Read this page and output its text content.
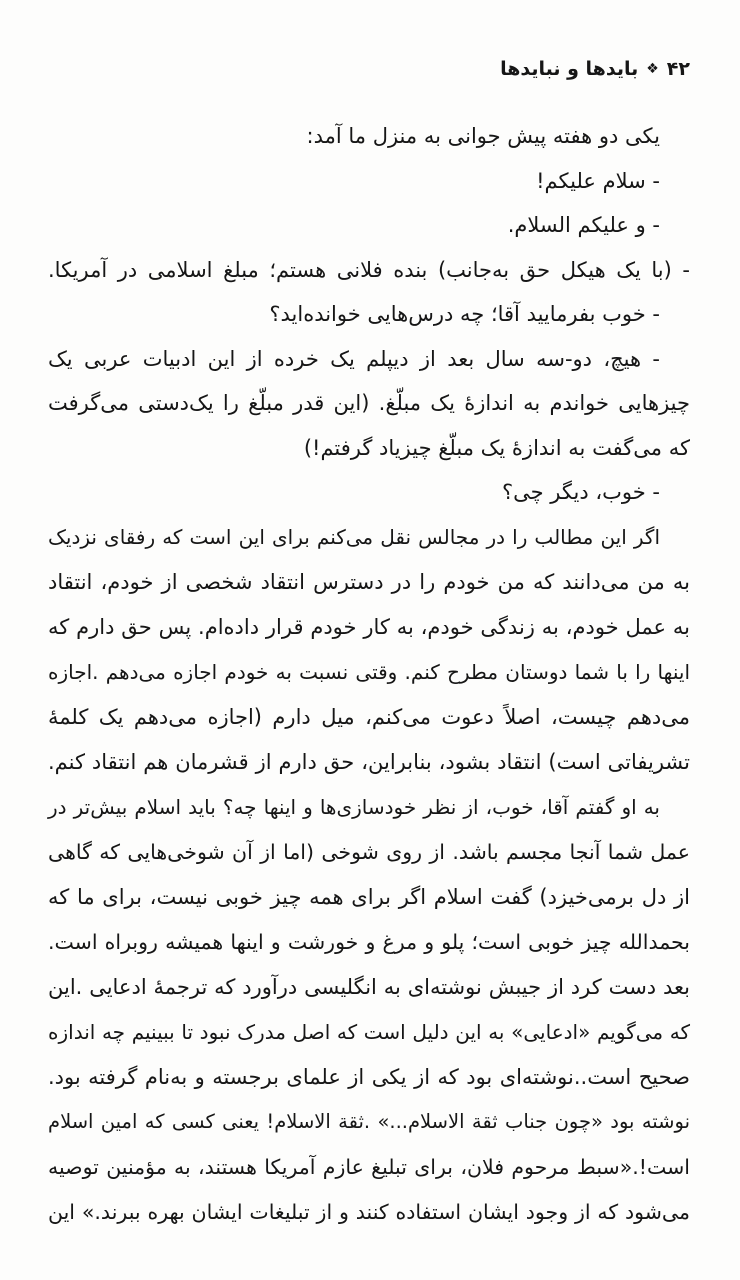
۴۲
❖
بایدها و نبایدها
یکی دو هفته پیش جوانی به منزل ما آمد:
- سلام علیکم!
- و علیکم السلام.
- (با یک هیکل حق به‌جانب) بنده فلانی هستم؛ مبلغ اسلامی در آمریکا.
- خوب بفرمایید آقا؛ چه درس‌هایی خوانده‌اید؟
- هیچ، دو-سه سال بعد از دیپلم یک خرده از این ادبیات عربی یک
چیزهایی خواندم به اندازهٔ یک مبلّغ. (این قدر مبلّغ را یک‌دستی می‌گرفت
که می‌گفت به اندازهٔ یک مبلّغ چیزیاد گرفتم!)
- خوب، دیگر چی؟
اگر این مطالب را در مجالس نقل می‌کنم برای این است که رفقای نزدیک
به من می‌دانند که من خودم را در دسترس انتقاد شخصی از خودم، انتقاد
به عمل خودم، به زندگی خودم، به کار خودم قرار داده‌ام. پس حق دارم که
اینها را با شما دوستان مطرح کنم. وقتی نسبت به خودم اجازه می‌دهم .اجازه
می‌دهم چیست، اصلاً دعوت می‌کنم، میل دارم (اجازه می‌دهم یک کلمهٔ
تشریفاتی است) انتقاد بشود، بنابراین، حق دارم از قشرمان هم انتقاد کنم.
به او گفتم آقا، خوب، از نظر خودسازی‌ها و اینها چه؟ باید اسلام بیش‌تر در
عمل شما آنجا مجسم باشد. از روی شوخی (اما از آن شوخی‌هایی که گاهی
از دل برمی‌خیزد) گفت اسلام اگر برای همه چیز خوبی نیست، برای ما که
بحمدالله چیز خوبی است؛ پلو و مرغ و خورشت و اینها همیشه روبراه است.
بعد دست کرد از جیبش نوشته‌ای به انگلیسی درآورد که ترجمهٔ ادعایی .این
که می‌گویم «ادعایی» به این دلیل است که اصل مدرک نبود تا ببینیم چه اندازه
صحیح است..نوشته‌ای بود که از یکی از علمای برجسته و به‌نام گرفته بود.
نوشته بود «چون جناب ثقة الاسلام...» .ثقة الاسلام! یعنی کسی که امین اسلام
است!.«سبط مرحوم فلان، برای تبلیغ عازم آمریکا هستند، به مؤمنین توصیه
می‌شود که از وجود ایشان استفاده کنند و از تبلیغات ایشان بهره ببرند.» این
